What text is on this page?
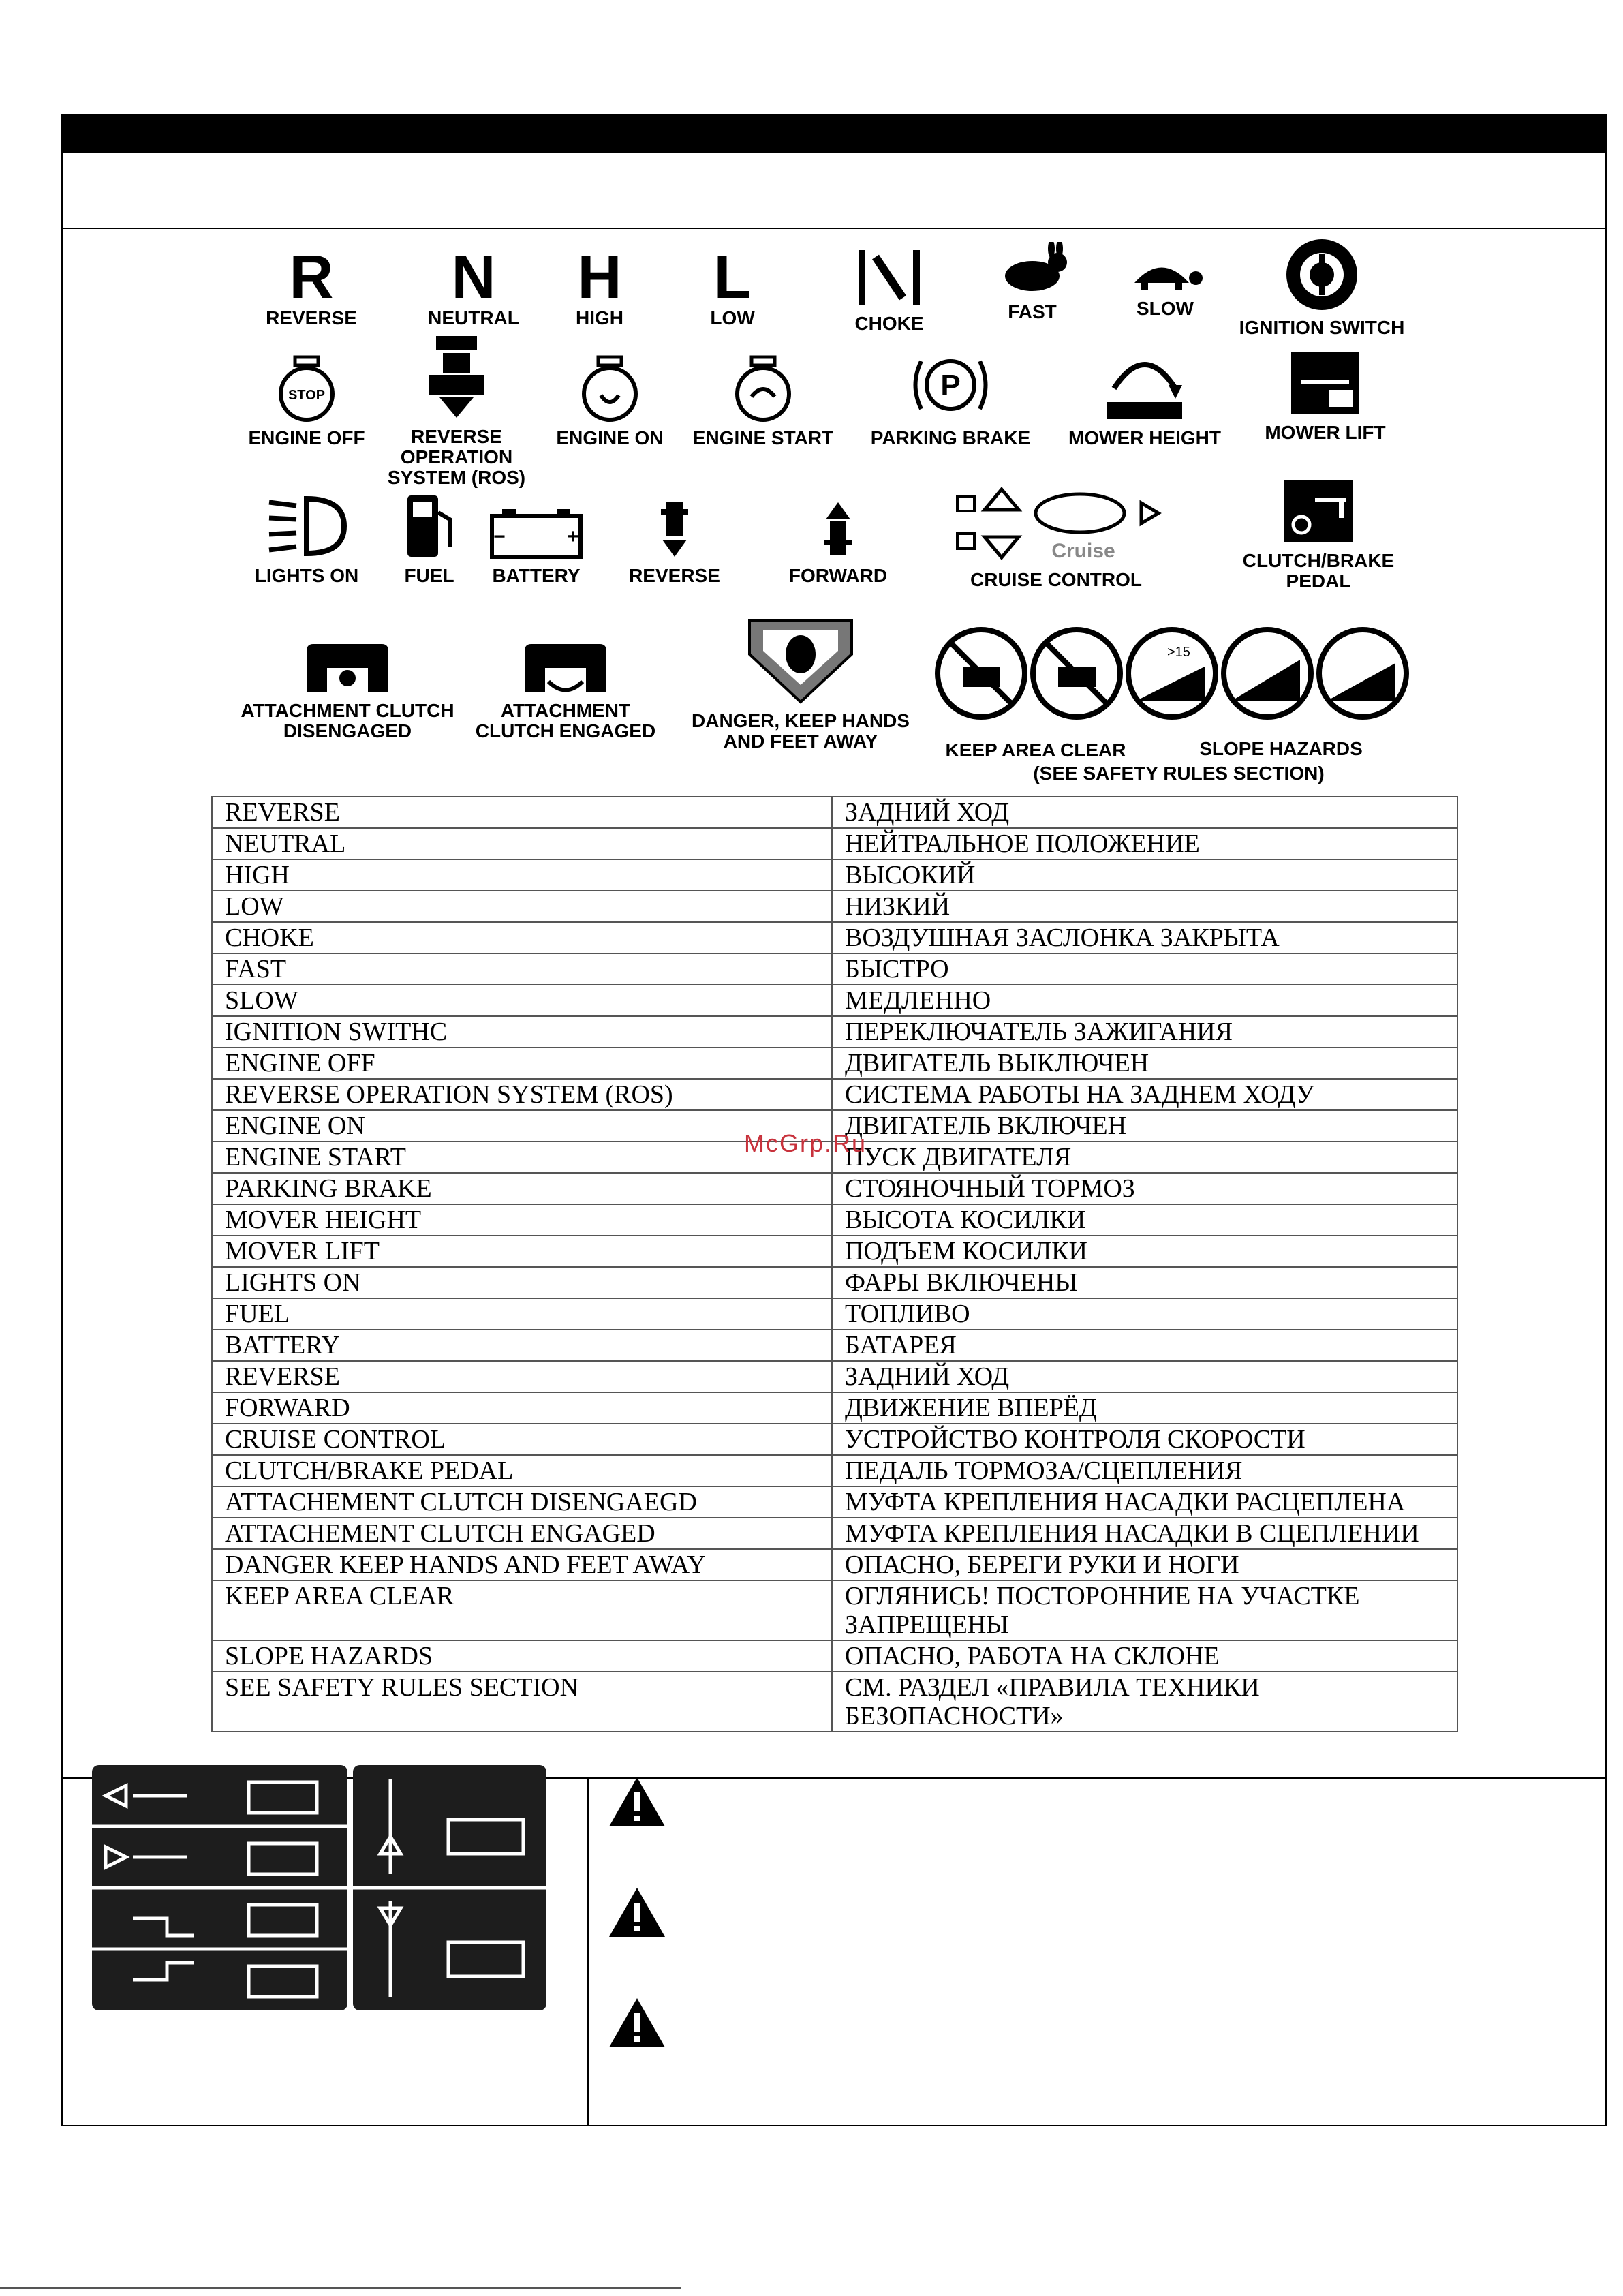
R
REVERSE
N
NEUTRAL
H
HIGH
L
LOW	CHOKE
FAST	SLOW
IGNITION SWITCH
STOP
ENGINE OFF	REVERSE OPERATION SYSTEM (ROS)
ENGINE ON	ENGINE START
P
PARKING BRAKE MOWER HEIGHT	MOWER LIFT
LIGHTS ON	FUEL
−     +
BATTERY	REVERSE	FORWARD
Cruise
CRUISE CONTROL
CLUTCH/BRAKE PEDAL
ATTACHMENT CLUTCH DISENGAGED
ATTACHMENT CLUTCH ENGAGED DANGER, KEEP HANDS AND FEET AWAY
>15
KEEP AREA CLEAR	SLOPE HAZARDS
(SEE SAFETY RULES SECTION)
REVERSE	ЗАДНИЙ ХОД
NEUTRAL	НЕЙТРАЛЬНОЕ ПОЛОЖЕНИЕ
HIGH	ВЫСОКИЙ
LOW	НИЗКИЙ
CHOKE	ВОЗДУШНАЯ ЗАСЛОНКА ЗАКРЫТА
FAST	БЫСТРО
SLOW	МЕДЛЕННО
IGNITION SWITHC	ПЕРЕКЛЮЧАТЕЛЬ ЗАЖИГАНИЯ
ENGINE OFF	ДВИГАТЕЛЬ ВЫКЛЮЧЕН
REVERSE OPERATION SYSTEM (ROS)	СИСТЕМА РАБОТЫ НА ЗАДНЕМ ХОДУ
ENGINE ON	ДВИГАТЕЛЬ ВКЛЮЧЕН
ENGINE START	ПУСК ДВИГАТЕЛЯ
PARKING BRAKE	СТОЯНОЧНЫЙ ТОРМОЗ
MOVER HEIGHT	ВЫСОТА КОСИЛКИ
MOVER LIFT	ПОДЪЕМ КОСИЛКИ
LIGHTS ON	ФАРЫ ВКЛЮЧЕНЫ
FUEL	ТОПЛИВО
BATTERY	БАТАРЕЯ
REVERSE	ЗАДНИЙ ХОД
FORWARD	ДВИЖЕНИЕ ВПЕРЁД
CRUISE CONTROL	УСТРОЙСТВО КОНТРОЛЯ СКОРОСТИ
CLUTCH/BRAKE PEDAL	ПЕДАЛЬ ТОРМОЗА/СЦЕПЛЕНИЯ
ATTACHEMENT CLUTCH DISENGAEGD	МУФТА КРЕПЛЕНИЯ НАСАДКИ РАСЦЕПЛЕНА
ATTACHEMENT CLUTCH ENGAGED	МУФТА КРЕПЛЕНИЯ НАСАДКИ В СЦЕПЛЕНИИ
DANGER KEEP HANDS AND FEET AWAY	ОПАСНО, БЕРЕГИ РУКИ И НОГИ
KEEP AREA CLEAR	ОГЛЯНИСЬ! ПОСТОРОННИЕ НА УЧАСТКЕ ЗАПРЕЩЕНЫ
SLOPE HAZARDS	ОПАСНО, РАБОТА НА СКЛОНЕ
SEE SAFETY RULES SECTION	СМ. РАЗДЕЛ «ПРАВИЛА ТЕХНИКИ БЕЗОПАСНОСТИ»
McGrp.Ru
